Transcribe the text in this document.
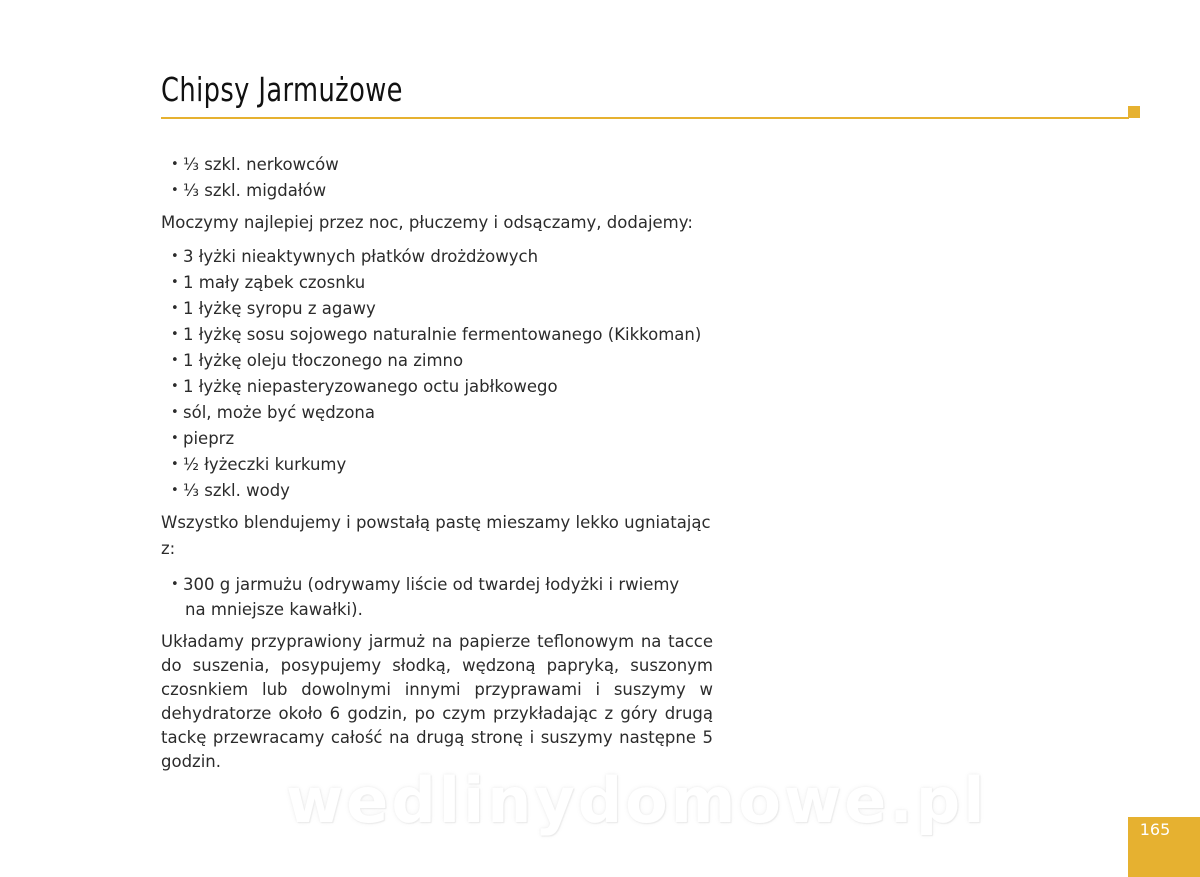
Chipsy Jarmużowe
• ⅓ szkl. nerkowców
• ⅓ szkl. migdałów

Moczymy najlepiej przez noc, płuczemy i odsączamy, dodajemy:

• 3 łyżki nieaktywnych płatków drożdżowych
• 1 mały ząbek czosnku
• 1 łyżkę syropu z agawy
• 1 łyżkę sosu sojowego naturalnie fermentowanego (Kikkoman)
• 1 łyżkę oleju tłoczonego na zimno
• 1 łyżkę niepasteryzowanego octu jabłkowego
• sól, może być wędzona
• pieprz
• ½ łyżeczki kurkumy
• ⅓ szkl. wody

Wszystko blendujemy i powstałą pastę mieszamy lekko ugniatając z:

• 300 g jarmużu (odrywamy liście od twardej łodyżki i rwiemy
na mniejsze kawałki).

Układamy przyprawiony jarmuż na papierze teflonowym na tacce do suszenia, posypujemy słodką, wędzoną papryką, suszonym czosnkiem lub dowolnymi innymi przyprawami i suszymy w dehydratorze około 6 godzin, po czym przykładając z góry drugą tackę przewracamy całość na drugą stronę i suszymy następne 5 godzin.

wedlinydomowe.pl	165
